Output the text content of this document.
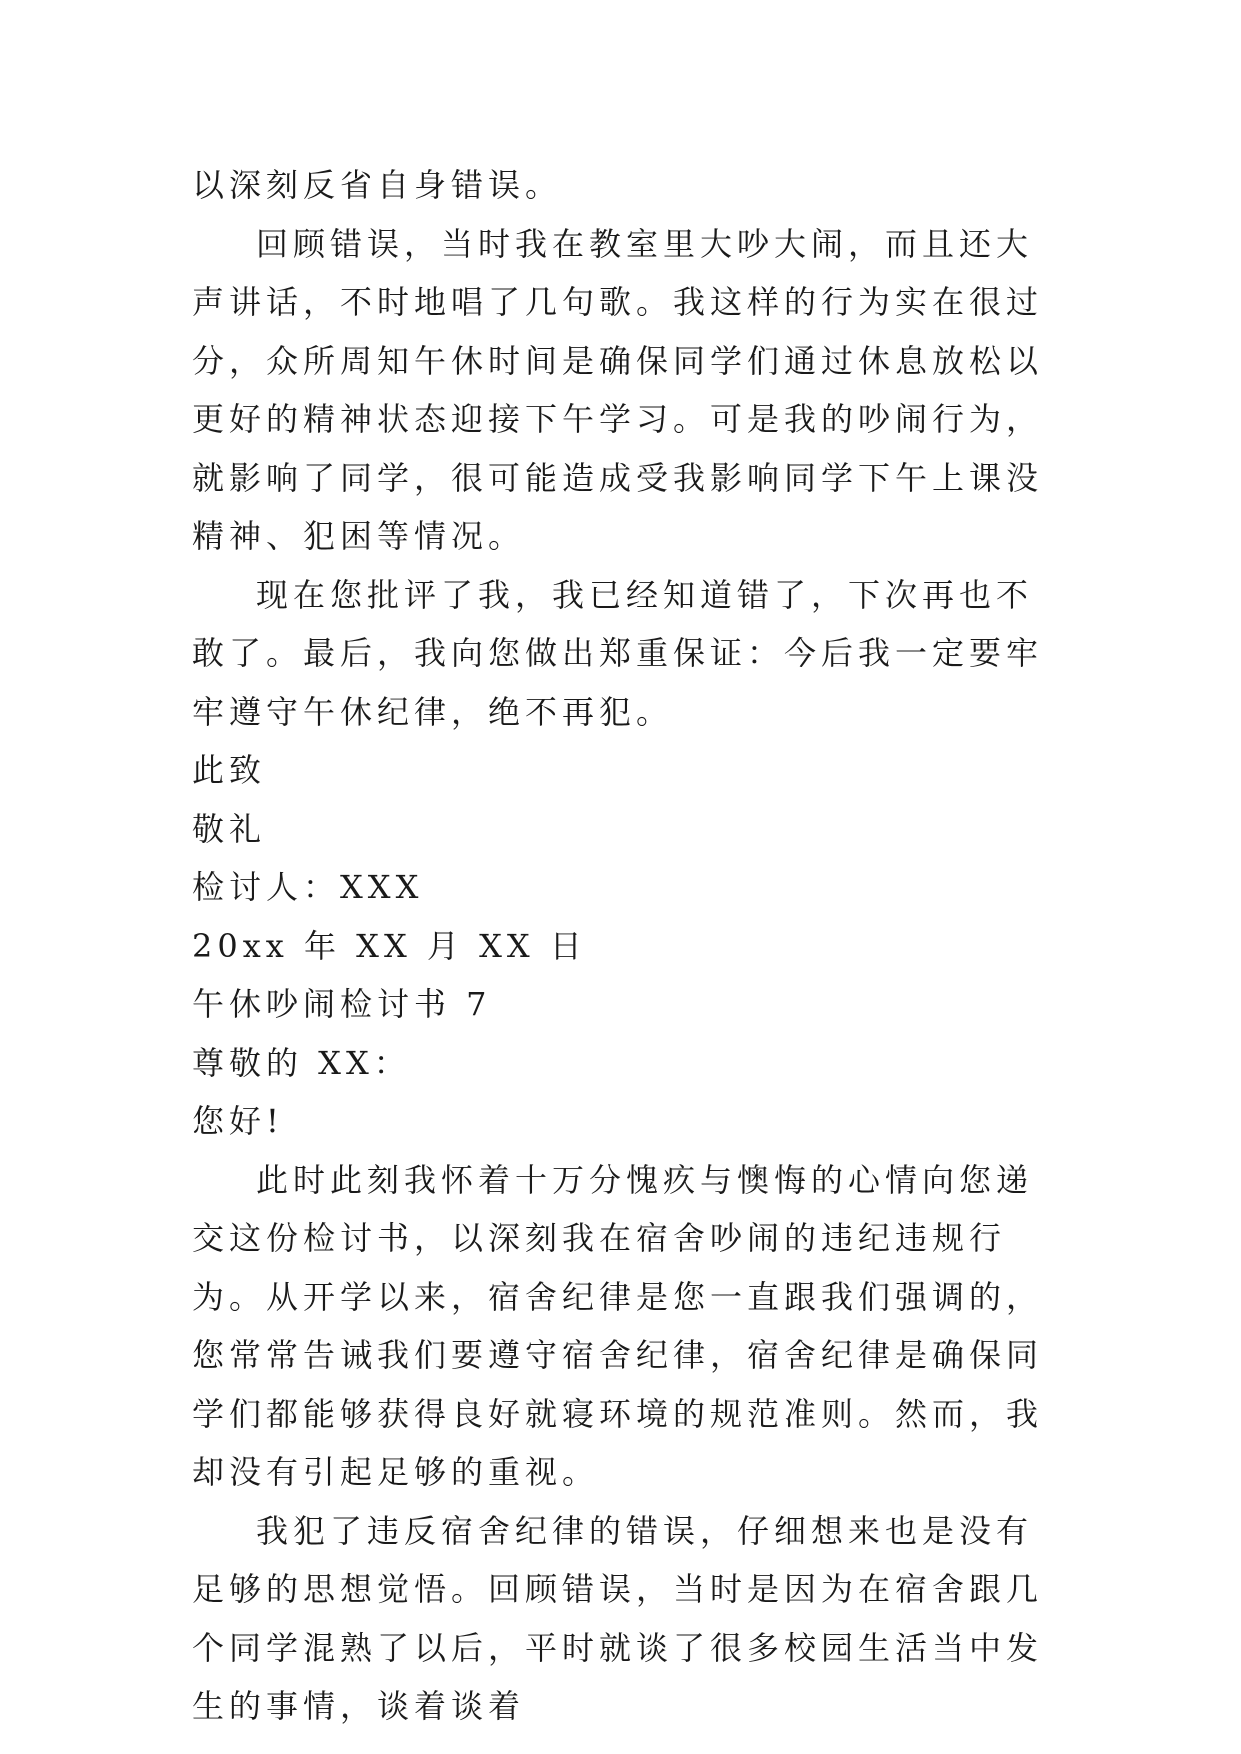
以深刻反省自身错误。

回顾错误，当时我在教室里大吵大闹，而且还大声讲话，不时地唱了几句歌。我这样的行为实在很过分，众所周知午休时间是确保同学们通过休息放松以更好的精神状态迎接下午学习。可是我的吵闹行为，就影响了同学，很可能造成受我影响同学下午上课没精神、犯困等情况。

现在您批评了我，我已经知道错了，下次再也不敢了。最后，我向您做出郑重保证：今后我一定要牢牢遵守午休纪律，绝不再犯。

此致

敬礼

检讨人：XXX

20xx 年 XX 月 XX 日

午休吵闹检讨书 7

尊敬的 XX：

您好!

此时此刻我怀着十万分愧疚与懊悔的心情向您递交这份检讨书，以深刻我在宿舍吵闹的违纪违规行为。从开学以来，宿舍纪律是您一直跟我们强调的，您常常告诫我们要遵守宿舍纪律，宿舍纪律是确保同学们都能够获得良好就寝环境的规范准则。然而，我却没有引起足够的重视。

我犯了违反宿舍纪律的错误，仔细想来也是没有足够的思想觉悟。回顾错误，当时是因为在宿舍跟几个同学混熟了以后，平时就谈了很多校园生活当中发生的事情，谈着谈着
